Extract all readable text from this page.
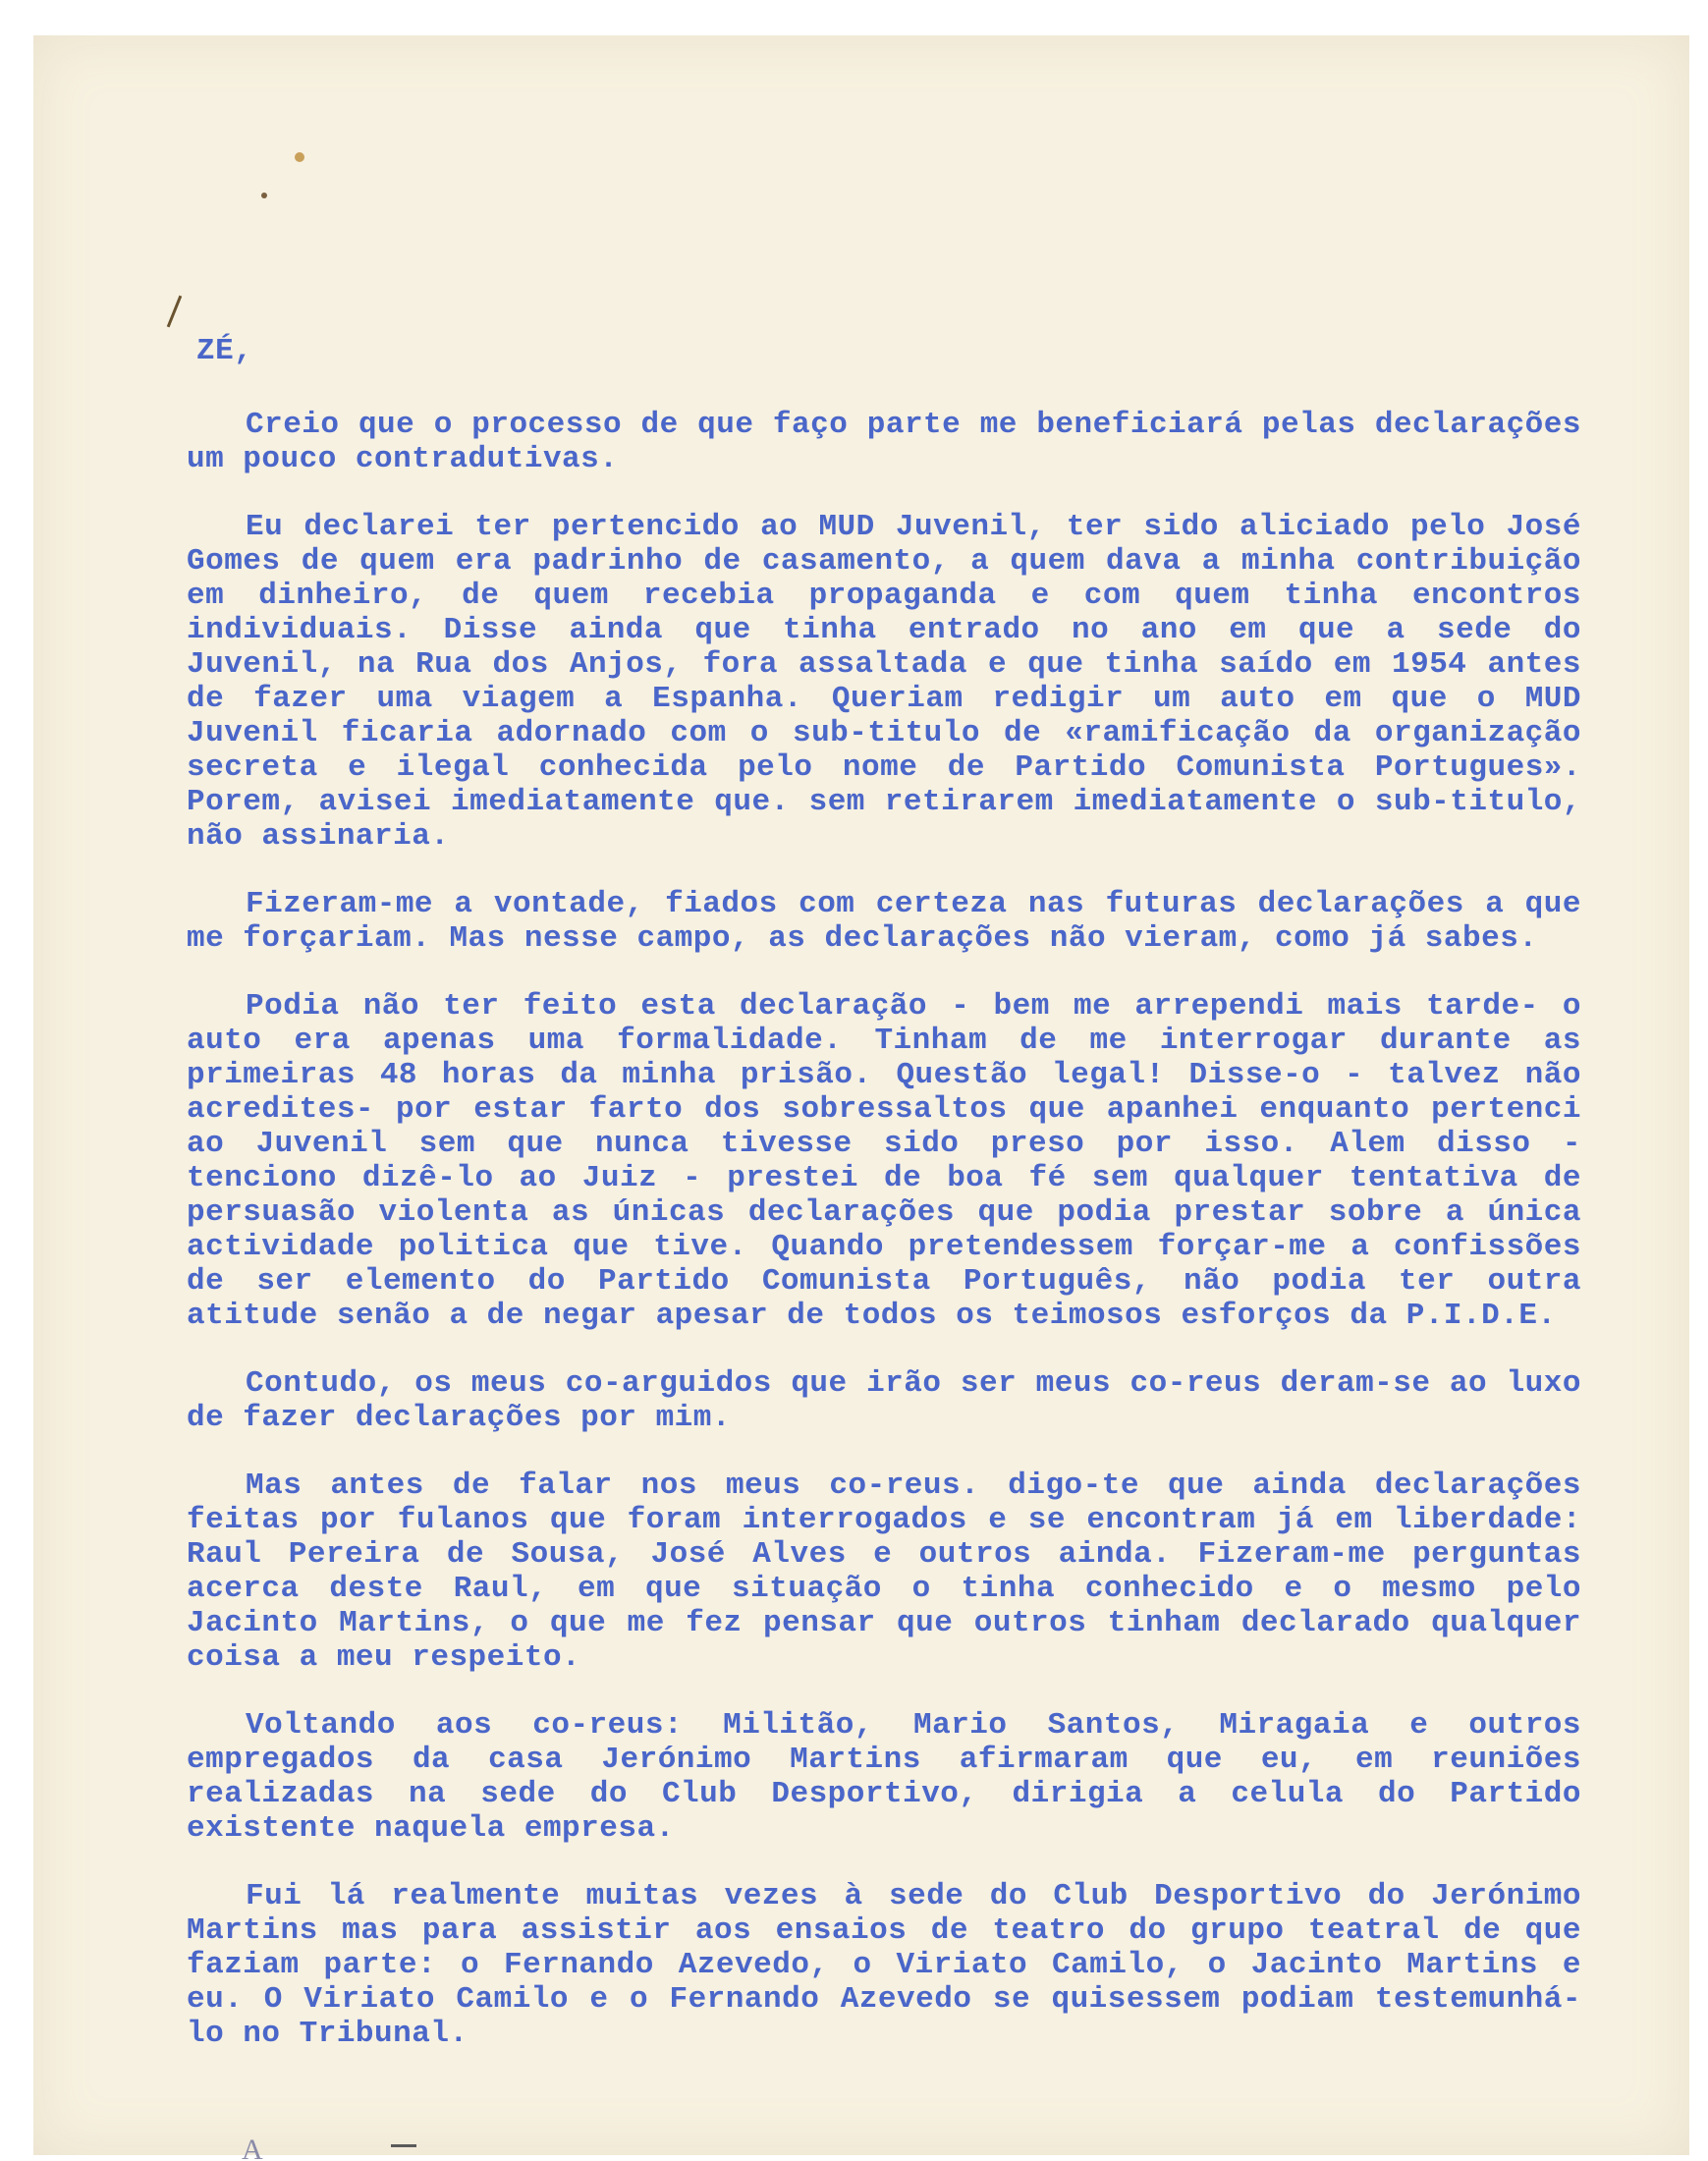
ZÉ,

Creio que o processo de que faço parte me beneficiará pelas declarações um pouco contradutivas.

Eu declarei ter pertencido ao MUD Juvenil, ter sido aliciado pelo José Gomes de quem era padrinho de casamento, a quem dava a minha contribuição em dinheiro, de quem recebia propaganda e com quem tinha encontros individuais. Disse ainda que tinha entrado no ano em que a sede do Juvenil, na Rua dos Anjos, fora assaltada e que tinha saído em 1954 antes de fazer uma viagem a Espanha. Queriam redigir um auto em que o MUD Juvenil ficaria adornado com o sub-titulo de «ramificação da organização secreta e ilegal conhecida pelo nome de Partido Comunista Portugues». Porem, avisei imediatamente que. sem retirarem imediatamente o sub-titulo, não assinaria.

Fizeram-me a vontade, fiados com certeza nas futuras declarações a que me forçariam. Mas nesse campo, as declarações não vieram, como já sabes.

Podia não ter feito esta declaração - bem me arrependi mais tarde- o auto era apenas uma formalidade. Tinham de me interrogar durante as primeiras 48 horas da minha prisão. Questão legal! Disse-o - talvez não acredites- por estar farto dos sobressaltos que apanhei enquanto pertenci ao Juvenil sem que nunca tivesse sido preso por isso. Alem disso - tenciono dizê-lo ao Juiz - prestei de boa fé sem qualquer tentativa de persuasão violenta as únicas declarações que podia prestar sobre a única actividade politica que tive. Quando pretendessem forçar-me a confissões de ser elemento do Partido Comunista Português, não podia ter outra atitude senão a de negar apesar de todos os teimosos esforços da P.I.D.E.

Contudo, os meus co-arguidos que irão ser meus co-reus deram-se ao luxo de fazer declarações por mim.

Mas antes de falar nos meus co-reus. digo-te que ainda declarações feitas por fulanos que foram interrogados e se encontram já em liberdade: Raul Pereira de Sousa, José Alves e outros ainda. Fizeram-me perguntas acerca deste Raul, em que situação o tinha conhecido e o mesmo pelo Jacinto Martins, o que me fez pensar que outros tinham declarado qualquer coisa a meu respeito.

Voltando aos co-reus: Militão, Mario Santos, Miragaia e outros empregados da casa Jerónimo Martins afirmaram que eu, em reuniões realizadas na sede do Club Desportivo, dirigia a celula do Partido existente naquela empresa.

Fui lá realmente muitas vezes à sede do Club Desportivo do Jerónimo Martins mas para assistir aos ensaios de teatro do grupo teatral de que faziam parte: o Fernando Azevedo, o Viriato Camilo, o Jacinto Martins e eu. O Viriato Camilo e o Fernando Azevedo se quisessem podiam testemunhá-lo no Tribunal.

A
